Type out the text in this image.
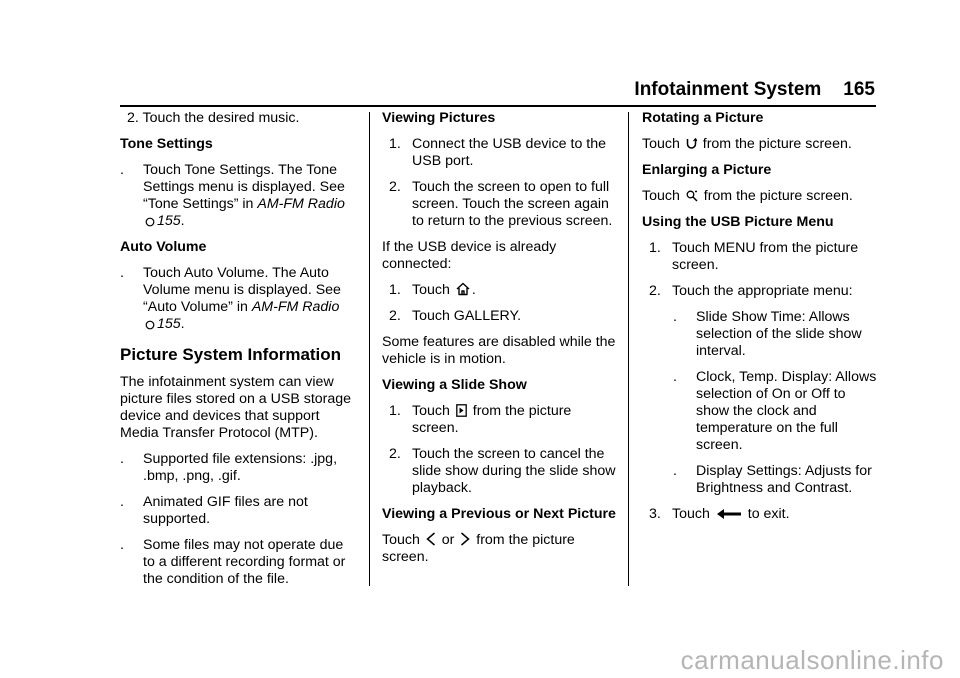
Infotainment System 165
2. Touch the desired music.
Tone Settings
. Touch Tone Settings. The Tone Settings menu is displayed. See “Tone Settings” in AM-FM Radio
155.
Auto Volume
. Touch Auto Volume. The Auto Volume menu is displayed. See “Auto Volume” in AM-FM Radio
155.
Picture System Information
The infotainment system can view picture files stored on a USB storage device and devices that support Media Transfer Protocol (MTP).
. Supported file extensions: .jpg, .bmp, .png, .gif.
. Animated GIF files are not supported.
. Some files may not operate due to a different recording format or the condition of the file.
Viewing Pictures
1. Connect the USB device to the USB port.
2. Touch the screen to open to full screen. Touch the screen again to return to the previous screen.
If the USB device is already connected:
1. Touch .
2. Touch GALLERY.
Some features are disabled while the vehicle is in motion.
Viewing a Slide Show
1. Touch  from the picture screen.
2. Touch the screen to cancel the slide show during the slide show playback.
Viewing a Previous or Next Picture
Touch  or  from the picture screen.
Rotating a Picture
Touch  from the picture screen.
Enlarging a Picture
Touch  from the picture screen.
Using the USB Picture Menu
1. Touch MENU from the picture screen.
2. Touch the appropriate menu:
. Slide Show Time: Allows selection of the slide show interval.
. Clock, Temp. Display: Allows selection of On or Off to show the clock and temperature on the full screen.
. Display Settings: Adjusts for Brightness and Contrast.
3. Touch  to exit.
carmanualsonline.info
